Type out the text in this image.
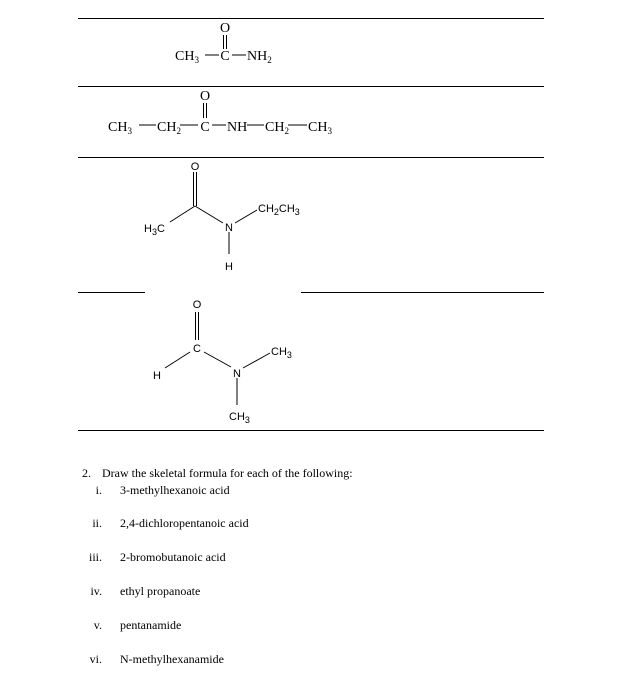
O
$CH_3$ C $NH_2$
O
$CH_3$ $CH_2$ C NH $CH_2$ $CH_3$
O
$H_3C$	N
H
$CH_2CH_3$
O
C
H	N
$CH_3$
$CH_3$
2. Draw the skeletal formula for each of the following:
i. 3-methylhexanoic acid
ii. 2,4-dichloropentanoic acid
iii. 2-bromobutanoic acid
iv. ethyl propanoate
v. pentanamide
vi. N-methylhexanamide
